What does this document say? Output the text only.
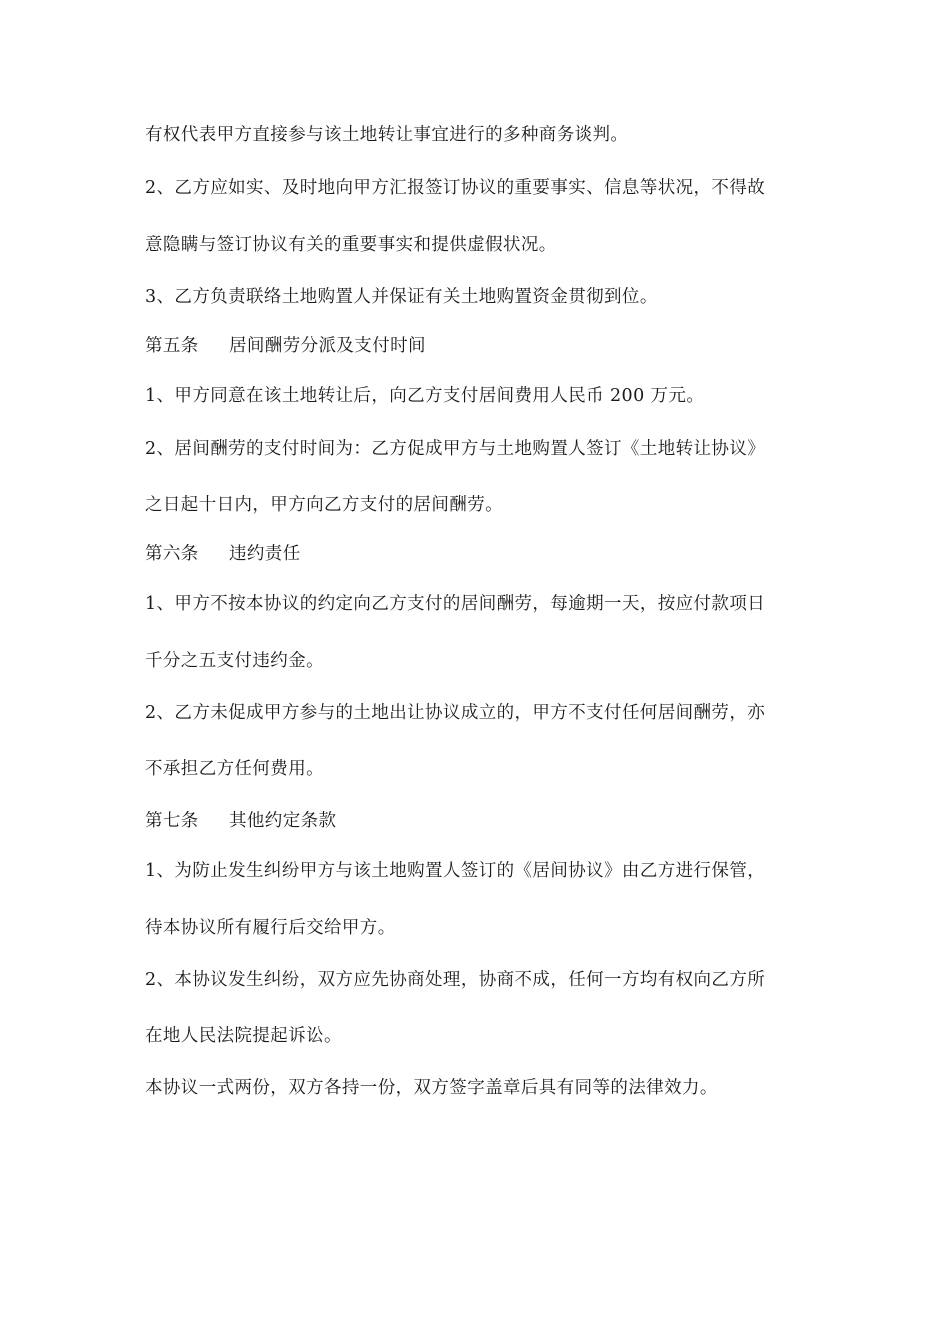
有权代表甲方直接参与该土地转让事宜进行的多种商务谈判。
2、乙方应如实、及时地向甲方汇报签订协议的重要事实、信息等状况，不得故
意隐瞒与签订协议有关的重要事实和提供虚假状况。
3、乙方负责联络土地购置人并保证有关土地购置资金贯彻到位。
第五条 居间酬劳分派及支付时间
1、甲方同意在该土地转让后，向乙方支付居间费用人民币 200 万元。
2、居间酬劳的支付时间为：乙方促成甲方与土地购置人签订《土地转让协议》
之日起十日内，甲方向乙方支付的居间酬劳。
第六条 违约责任
1、甲方不按本协议的约定向乙方支付的居间酬劳，每逾期一天，按应付款项日
千分之五支付违约金。
2、乙方未促成甲方参与的土地出让协议成立的，甲方不支付任何居间酬劳，亦
不承担乙方任何费用。
第七条 其他约定条款
1、为防止发生纠纷甲方与该土地购置人签订的《居间协议》由乙方进行保管，
待本协议所有履行后交给甲方。
2、本协议发生纠纷，双方应先协商处理，协商不成，任何一方均有权向乙方所
在地人民法院提起诉讼。
本协议一式两份，双方各持一份，双方签字盖章后具有同等的法律效力。
